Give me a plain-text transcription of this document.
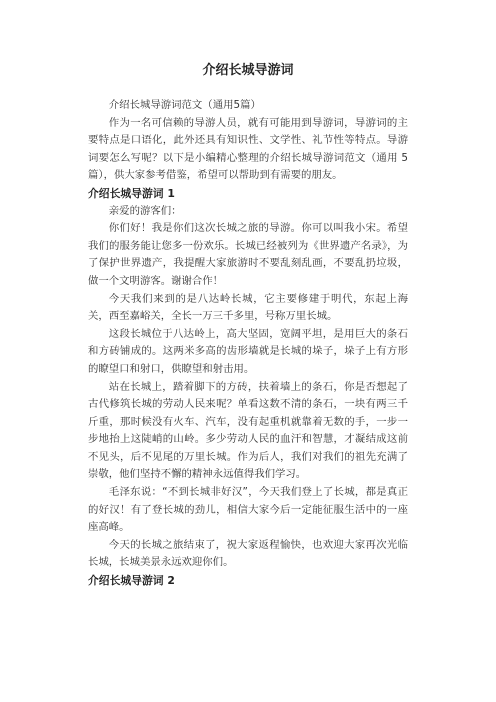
介绍长城导游词

介绍长城导游词范文（通用5篇）

作为一名可信赖的导游人员，就有可能用到导游词，导游词的主要特点是口语化，此外还具有知识性、文学性、礼节性等特点。导游词要怎么写呢？以下是小编精心整理的介绍长城导游词范文（通用 5篇），供大家参考借鉴，希望可以帮助到有需要的朋友。

介绍长城导游词 1

亲爱的游客们：

你们好！我是你们这次长城之旅的导游。你可以叫我小宋。希望我们的服务能让您多一份欢乐。长城已经被列为《世界遗产名录》，为了保护世界遗产，我提醒大家旅游时不要乱刻乱画，不要乱扔垃圾，做一个文明游客。谢谢合作！

今天我们来到的是八达岭长城，它主要修建于明代，东起上海关，西至嘉峪关，全长一万三千多里，号称万里长城。

这段长城位于八达岭上，高大坚固，宽阔平坦，是用巨大的条石和方砖铺成的。这两米多高的齿形墙就是长城的垛子，垛子上有方形的瞭望口和射口，供瞭望和射击用。

站在长城上，踏着脚下的方砖，扶着墙上的条石，你是否想起了古代修筑长城的劳动人民来呢？单看这数不清的条石，一块有两三千斤重，那时候没有火车、汽车，没有起重机就靠着无数的手，一步一步地抬上这陡峭的山岭。多少劳动人民的血汗和智慧，才凝结成这前不见头，后不见尾的万里长城。作为后人，我们对我们的祖先充满了崇敬，他们坚持不懈的精神永远值得我们学习。

毛泽东说：“不到长城非好汉”，今天我们登上了长城，都是真正的好汉！有了登长城的劲儿，相信大家今后一定能征服生活中的一座座高峰。

今天的长城之旅结束了，祝大家返程愉快，也欢迎大家再次光临长城，长城美景永远欢迎你们。

介绍长城导游词 2
